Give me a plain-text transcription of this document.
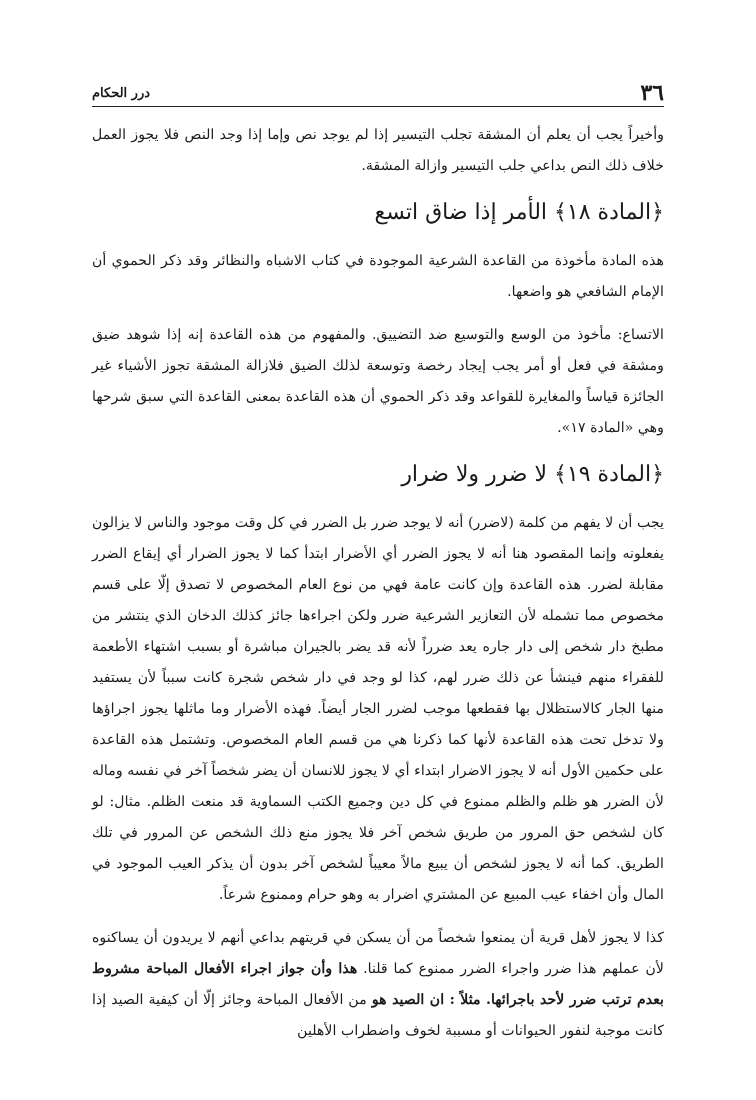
درر الحكام	٣٦

وأخيراً يجب أن يعلم أن المشقة تجلب التيسير إذا لم يوجد نص وإما إذا وجد النص فلا يجوز العمل خلاف ذلك النص بداعي جلب التيسير وازالة المشقة.

﴿المادة ١٨﴾ الأمر إذا ضاق اتسع

هذه المادة مأخوذة من القاعدة الشرعية الموجودة في كتاب الاشباه والنظائر وقد ذكر الحموي أن الإمام الشافعي هو واضعها.

الاتساع: مأخوذ من الوسع والتوسيع ضد التضييق. والمفهوم من هذه القاعدة إنه إذا شوهد ضيق ومشقة في فعل أو أمر يجب إيجاد رخصة وتوسعة لذلك الضيق فلازالة المشقة تجوز الأشياء غير الجائزة قياساً والمغايرة للقواعد وقد ذكر الحموي أن هذه القاعدة بمعنى القاعدة التي سبق شرحها وهي «المادة ١٧».

﴿المادة ١٩﴾ لا ضرر ولا ضرار

يجب أن لا يفهم من كلمة (لاضرر) أنه لا يوجد ضرر بل الضرر في كل وقت موجود والناس لا يزالون يفعلونه وإنما المقصود هنا أنه لا يجوز الضرر أي الأضرار ابتدأ كما لا يجوز الضرار أي إيقاع الضرر مقابلة لضرر. هذه القاعدة وإن كانت عامة فهي من نوع العام المخصوص لا تصدق إلّا على قسم مخصوص مما تشمله لأن التعازير الشرعية ضرر ولكن اجراءها جائز كذلك الدخان الذي ينتشر من مطبخ دار شخص إلى دار جاره يعد ضرراً لأنه قد يضر بالجيران مباشرة أو بسبب اشتهاء الأطعمة للفقراء منهم فينشأ عن ذلك ضرر لهم، كذا لو وجد في دار شخص شجرة كانت سبباً لأن يستفيد منها الجار كالاستظلال بها فقطعها موجب لضرر الجار أيضاً. فهذه الأضرار وما ماثلها يجوز اجراؤها ولا تدخل تحت هذه القاعدة لأنها كما ذكرنا هي من قسم العام المخصوص. وتشتمل هذه القاعدة على حكمين الأول أنه لا يجوز الاضرار ابتداء أي لا يجوز للانسان أن يضر شخصاً آخر في نفسه وماله لأن الضرر هو ظلم والظلم ممنوع في كل دين وجميع الكتب السماوية قد منعت الظلم. مثال: لو كان لشخص حق المرور من طريق شخص آخر فلا يجوز منع ذلك الشخص عن المرور في تلك الطريق. كما أنه لا يجوز لشخص أن يبيع مالاً معيباً لشخص آخر بدون أن يذكر العيب الموجود في المال وأن اخفاء عيب المبيع عن المشتري اضرار به وهو حرام وممنوع شرعاً.

كذا لا يجوز لأهل قرية أن يمنعوا شخصاً من أن يسكن في قريتهم بداعي أنهم لا يريدون أن يساكنوه لأن عملهم هذا ضرر واجراء الضرر ممنوع كما قلنا. هذا وأن جواز اجراء الأفعال المباحة مشروط بعدم ترتب ضرر لأحد باجرائها. مثلاً : ان الصيد هو من الأفعال المباحة وجائز إلّا أن كيفية الصيد إذا كانت موجبة لنفور الحيوانات أو مسببة لخوف واضطراب الأهلين
